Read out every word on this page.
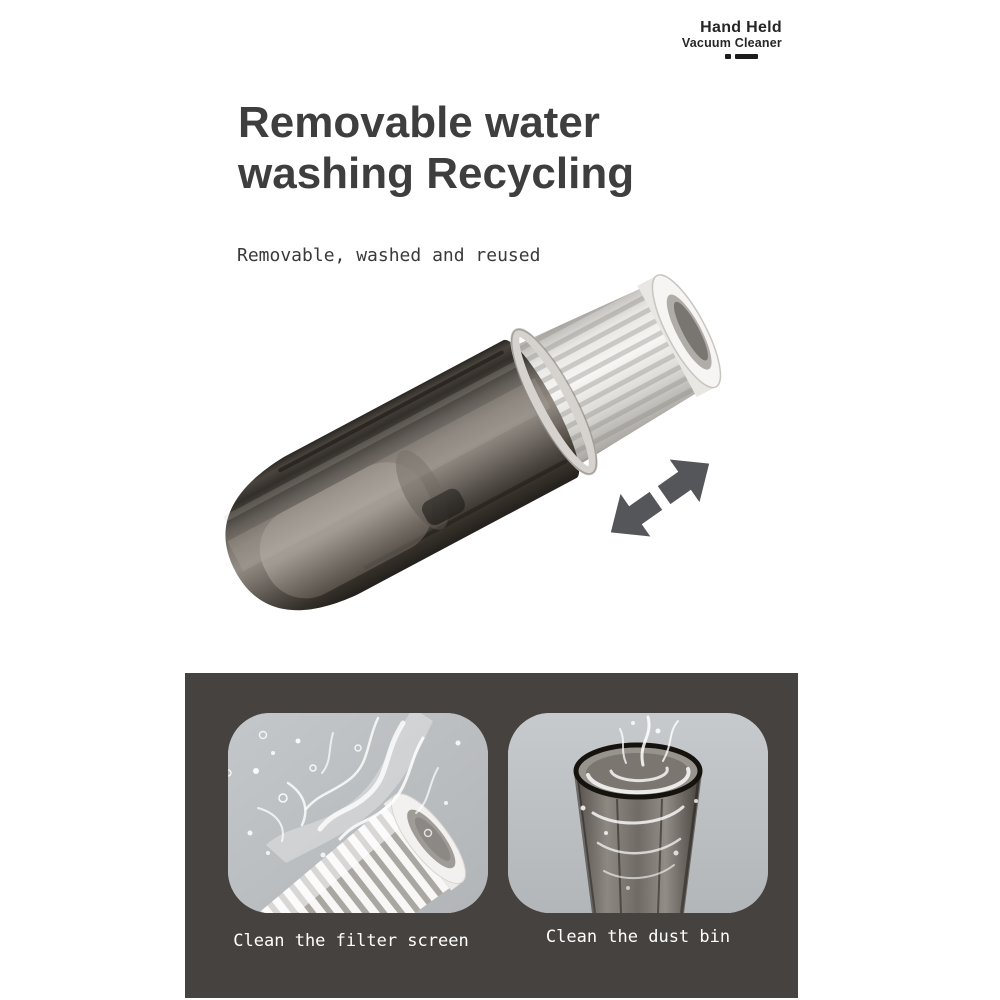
Hand Held
Vacuum Cleaner
Removable water
washing Recycling
Removable, washed and reused
Clean the filter screen	Clean the dust bin
